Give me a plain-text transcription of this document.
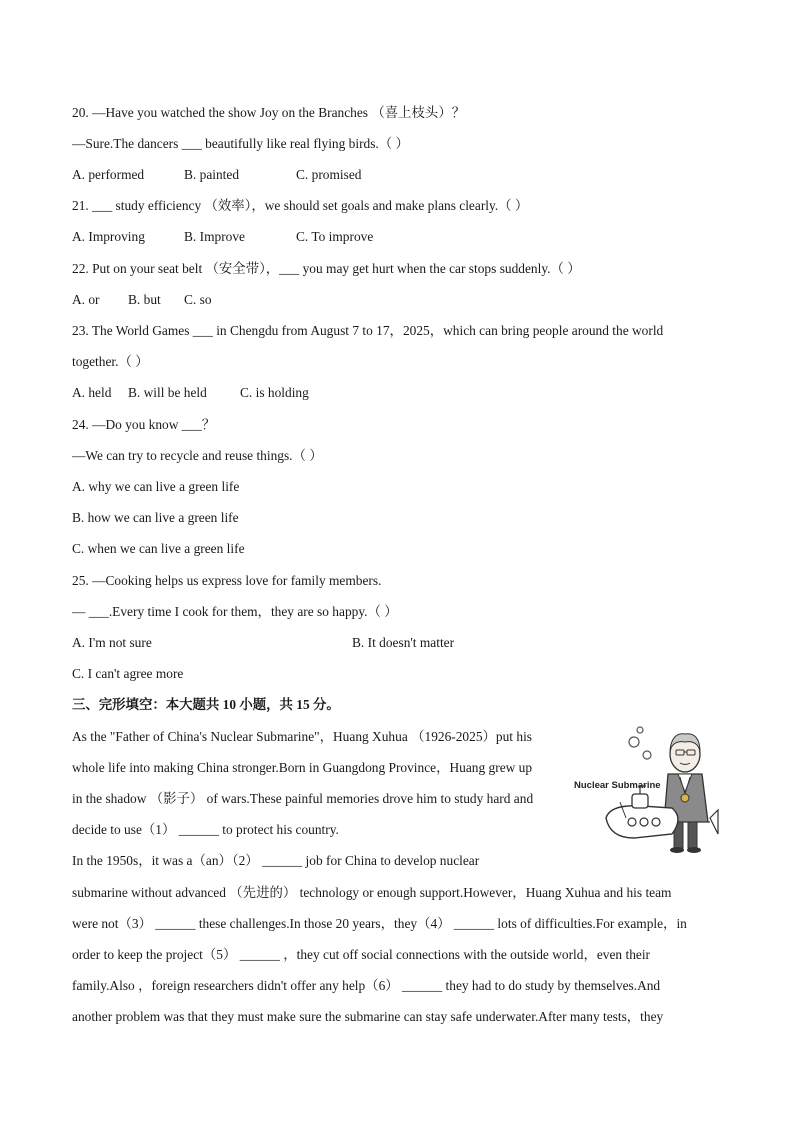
20. —Have you watched the show Joy on the Branches （喜上枝头）？
—Sure.The dancers ___ beautifully like real flying birds.（ ）
A. performed	B. painted	C. promised
21. ___ study efficiency （效率），we should set goals and make plans clearly.（ ）
A. Improving	B. Improve	C. To improve
22. Put on your seat belt （安全带），___ you may get hurt when the car stops suddenly.（ ）
A. or B. but C. so
23. The World Games ___ in Chengdu from August 7 to 17，2025，which can bring people around the world
together.（ ）
A. held B. will be held C. is holding
24. —Do you know ___？
—We can try to recycle and reuse things.（ ）
A. why we can live a green life
B. how we can live a green life
C. when we can live a green life
25. —Cooking helps us express love for family members.
— ___.Every time I cook for them，they are so happy.（ ）
A. I'm not sure	B. It doesn't matter
C. I can't agree more
三、完形填空：本大题共 10 小题，共 15 分。
As the "Father of China's Nuclear Submarine"，Huang Xuhua （1926-2025）put his
whole life into making China stronger.Born in Guangdong Province，Huang grew up
in the shadow （影子） of wars.These painful memories drove him to study hard and
decide to use（1） ______ to protect his country.
In the 1950s，it was a（an）（2） ______ job for China to develop nuclear
submarine without advanced （先进的） technology or enough support.However，Huang Xuhua and his team
were not（3） ______ these challenges.In those 20 years，they（4） ______ lots of difficulties.For example，in
order to keep the project（5） ______ ，they cut off social connections with the outside world，even their
family.Also ，foreign researchers didn't offer any help（6） ______ they had to do study by themselves.And
another problem was that they must make sure the submarine can stay safe underwater.After many tests，they
Nuclear Submarine
